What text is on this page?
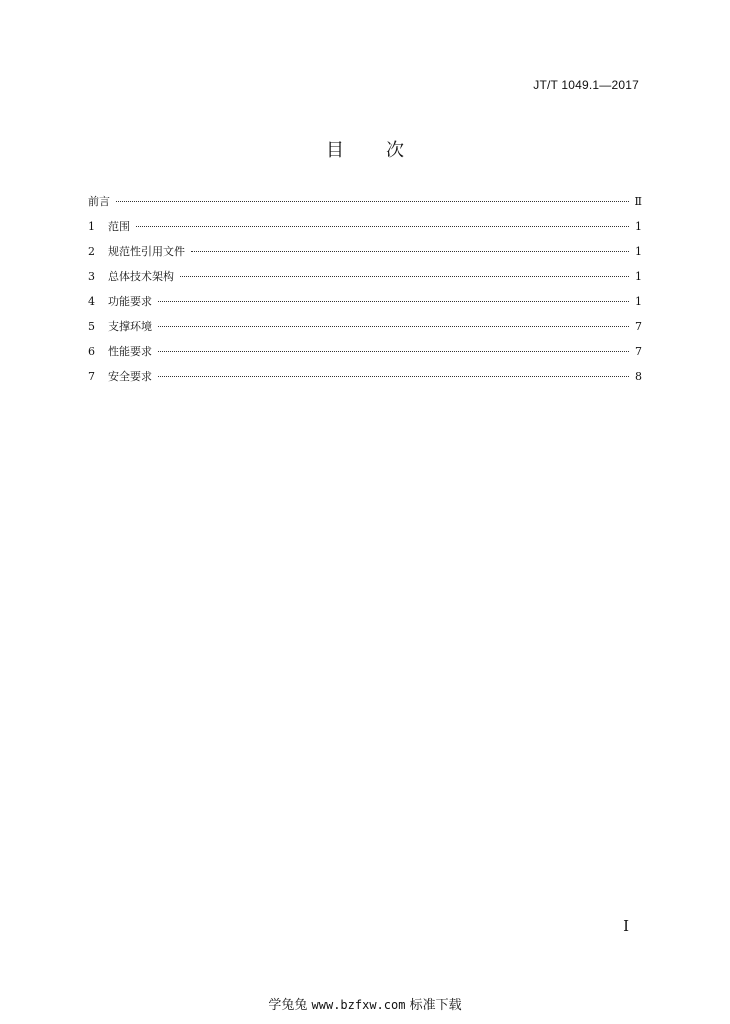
JT/T 1049.1—2017
目 次
前言	Ⅱ
1	范围	1
2	规范性引用文件	1
3	总体技术架构	1
4	功能要求	1
5	支撑环境	7
6	性能要求	7
7	安全要求	8
Ⅰ
学兔兔 www.bzfxw.com 标准下载
